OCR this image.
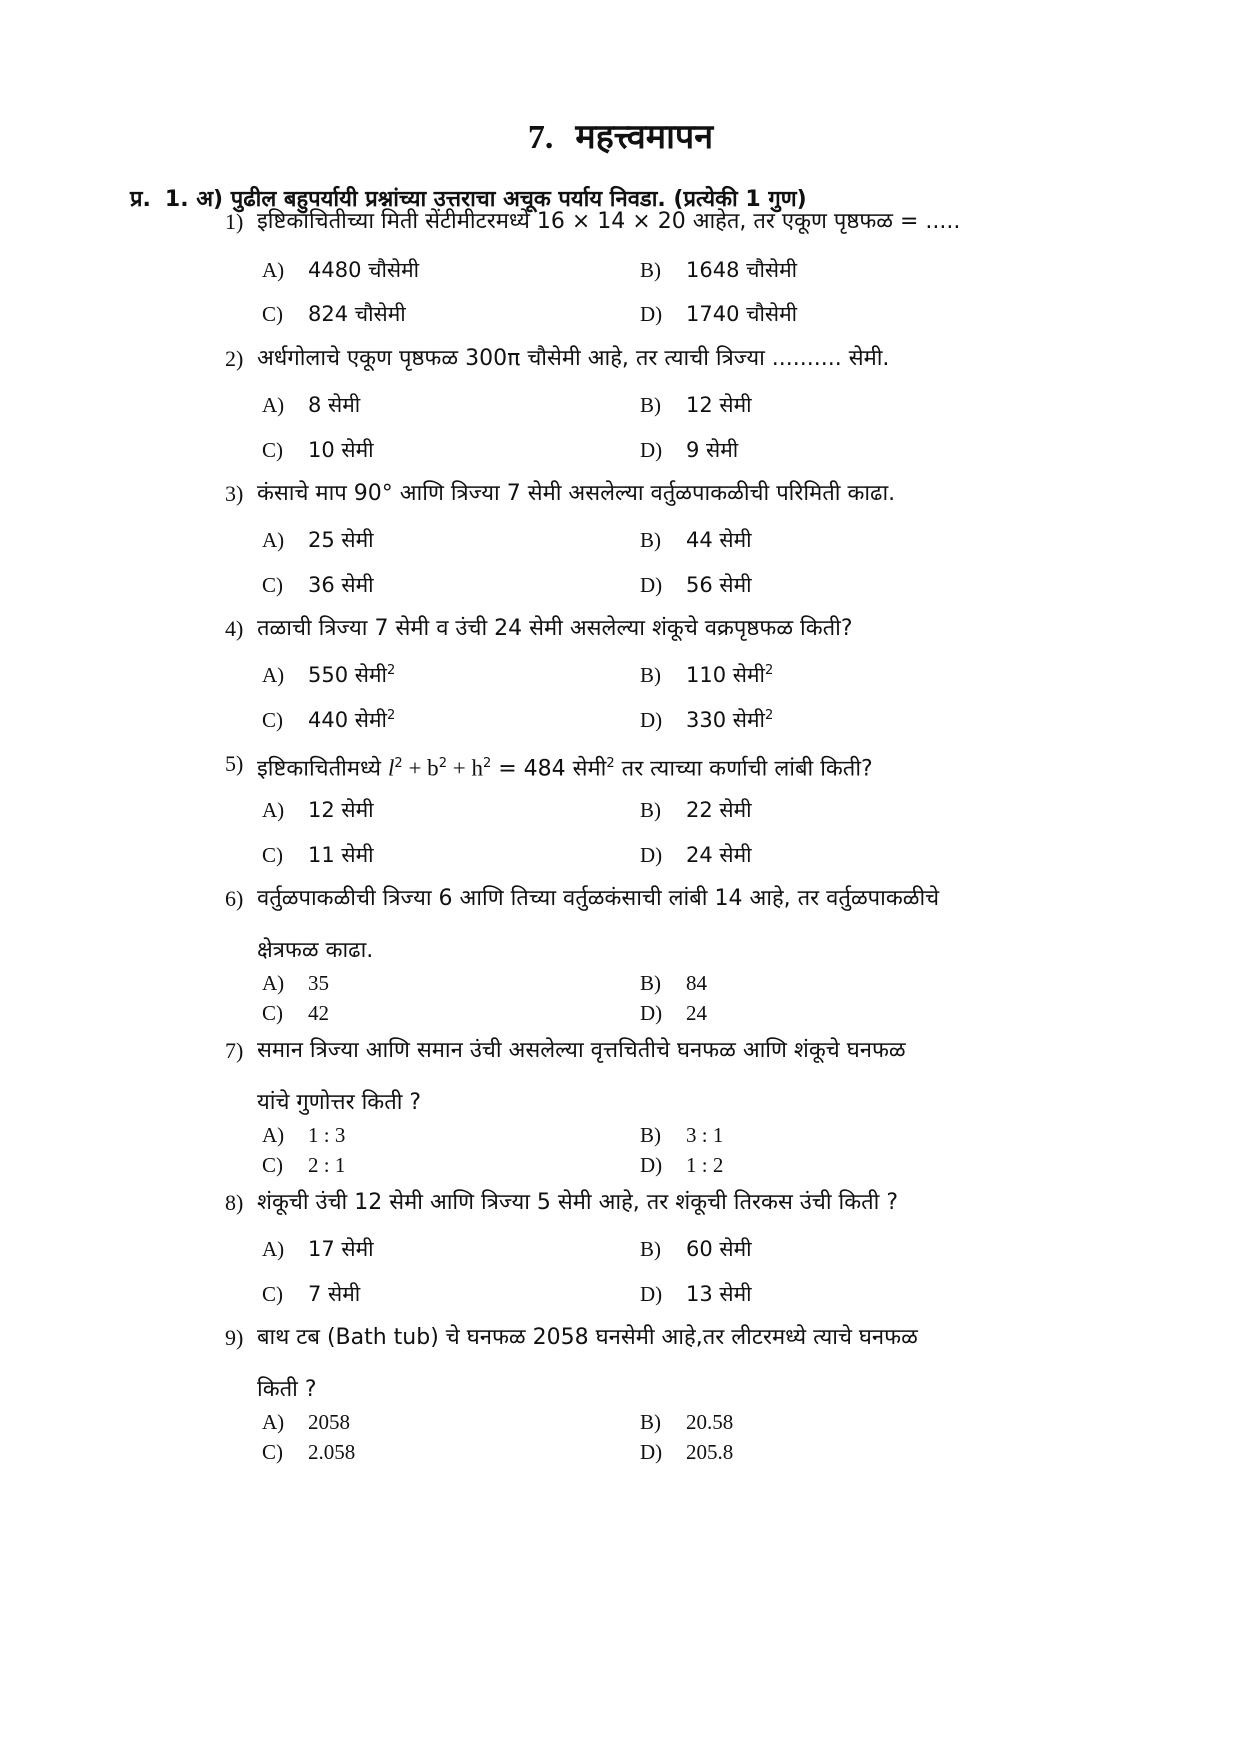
7. महत्त्वमापन
प्र. 1. अ) पुढील बहुपर्यायी प्रश्नांच्या उत्तराचा अचूक पर्याय निवडा. (प्रत्येकी 1 गुण)
1) इष्टिकाचितीच्या मिती सेंटीमीटरमध्ये 16 × 14 × 20 आहेत, तर एकूण पृष्ठफळ = .....
A) 4480 चौसेमी	B) 1648 चौसेमी
C) 824 चौसेमी	D) 1740 चौसेमी
2) अर्धगोलाचे एकूण पृष्ठफळ 300π चौसेमी आहे, तर त्याची त्रिज्या .......... सेमी.
A) 8 सेमी	B) 12 सेमी
C) 10 सेमी	D) 9 सेमी
3) कंसाचे माप 90° आणि त्रिज्या 7 सेमी असलेल्या वर्तुळपाकळीची परिमिती काढा.
A) 25 सेमी	B) 44 सेमी
C) 36 सेमी	D) 56 सेमी
4) तळाची त्रिज्या 7 सेमी व उंची 24 सेमी असलेल्या शंकूचे वक्रपृष्ठफळ किती?
A) 550 सेमी$^2$	B) 110 सेमी$^2$
C) 440 सेमी$^2$	D) 330 सेमी$^2$
5) इष्टिकाचितीमध्ये $l^2 + b^2 + h^2 = 484$ सेमी$^2$ तर त्याच्या कर्णाची लांबी किती?
A) 12 सेमी	B) 22 सेमी
C) 11 सेमी	D) 24 सेमी
6) वर्तुळपाकळीची त्रिज्या 6 आणि तिच्या वर्तुळकंसाची लांबी 14 आहे, तर वर्तुळपाकळीचे
क्षेत्रफळ काढा.
A) 35	B) 84
C) 42	D) 24
7) समान त्रिज्या आणि समान उंची असलेल्या वृत्तचितीचे घनफळ आणि शंकूचे घनफळ
यांचे गुणोत्तर किती ?
A) 1 : 3	B) 3 : 1
C) 2 : 1	D) 1 : 2
8) शंकूची उंची 12 सेमी आणि त्रिज्या 5 सेमी आहे, तर शंकूची तिरकस उंची किती ?
A) 17 सेमी	B) 60 सेमी
C) 7 सेमी	D) 13 सेमी
9) बाथ टब (Bath tub) चे घनफळ 2058 घनसेमी आहे,तर लीटरमध्ये त्याचे घनफळ
किती ?
A) 2058	B) 20.58
C) 2.058	D) 205.8
